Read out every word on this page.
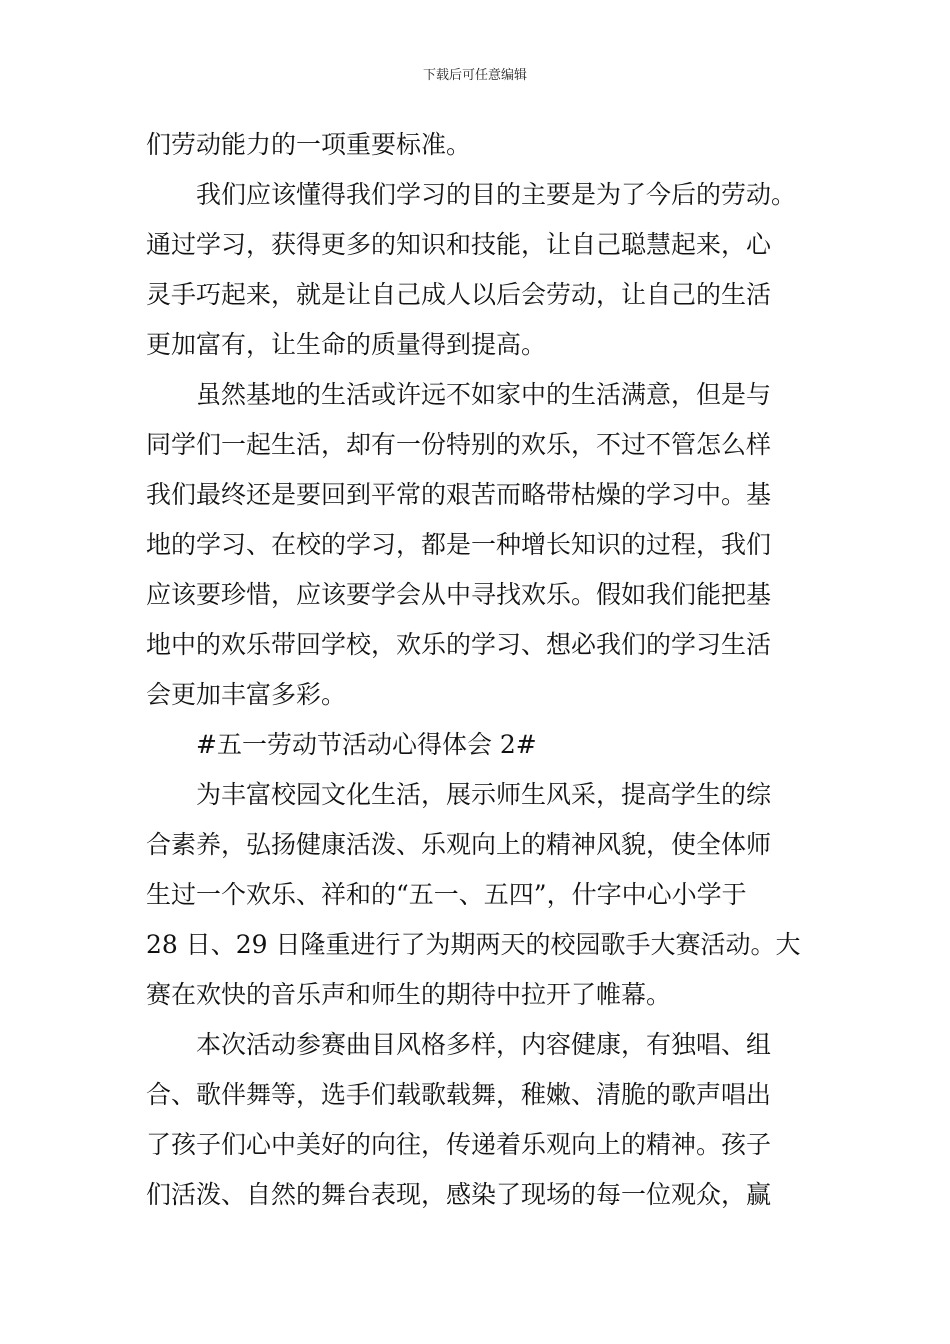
下载后可任意编辑
们劳动能力的一项重要标准。
我们应该懂得我们学习的目的主要是为了今后的劳动。
通过学习，获得更多的知识和技能，让自己聪慧起来，心
灵手巧起来，就是让自己成人以后会劳动，让自己的生活
更加富有，让生命的质量得到提高。
虽然基地的生活或许远不如家中的生活满意，但是与
同学们一起生活，却有一份特别的欢乐，不过不管怎么样
我们最终还是要回到平常的艰苦而略带枯燥的学习中。基
地的学习、在校的学习，都是一种增长知识的过程，我们
应该要珍惜，应该要学会从中寻找欢乐。假如我们能把基
地中的欢乐带回学校，欢乐的学习、想必我们的学习生活
会更加丰富多彩。
#五一劳动节活动心得体会 2#
为丰富校园文化生活，展示师生风采，提高学生的综
合素养，弘扬健康活泼、乐观向上的精神风貌，使全体师
生过一个欢乐、祥和的“五一、五四”，什字中心小学于
28 日、29 日隆重进行了为期两天的校园歌手大赛活动。大
赛在欢快的音乐声和师生的期待中拉开了帷幕。
本次活动参赛曲目风格多样，内容健康，有独唱、组
合、歌伴舞等，选手们载歌载舞，稚嫩、清脆的歌声唱出
了孩子们心中美好的向往，传递着乐观向上的精神。孩子
们活泼、自然的舞台表现，感染了现场的每一位观众，赢
